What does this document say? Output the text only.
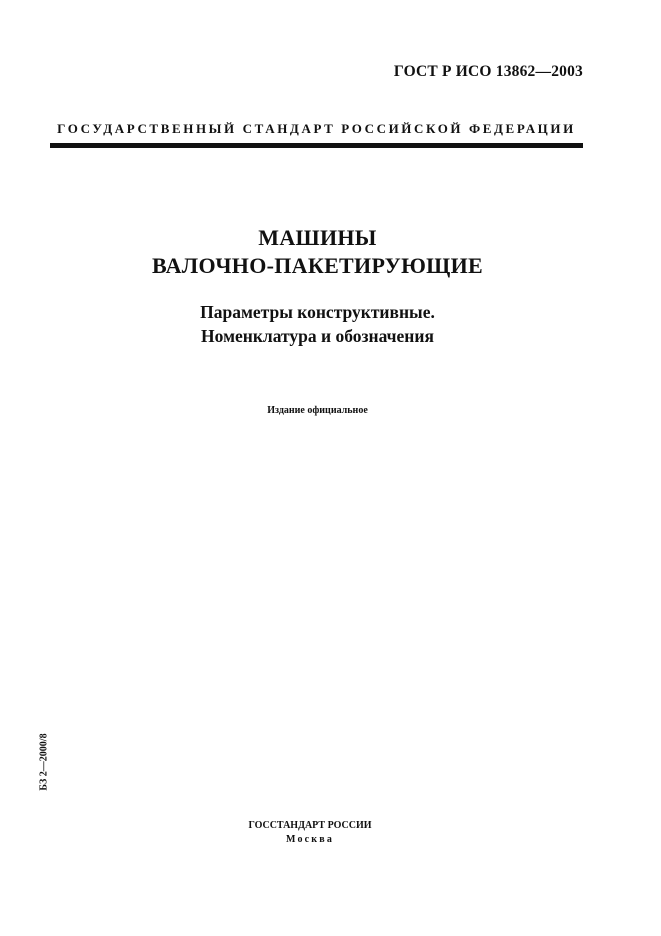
ГОСТ Р ИСО 13862—2003
ГОСУДАРСТВЕННЫЙ СТАНДАРТ РОССИЙСКОЙ ФЕДЕРАЦИИ
МАШИНЫ
ВАЛОЧНО-ПАКЕТИРУЮЩИЕ
Параметры конструктивные.
Номенклатура и обозначения
Издание официальное
БЗ 2—2000/8
ГОССТАНДАРТ РОССИИ
Москва
